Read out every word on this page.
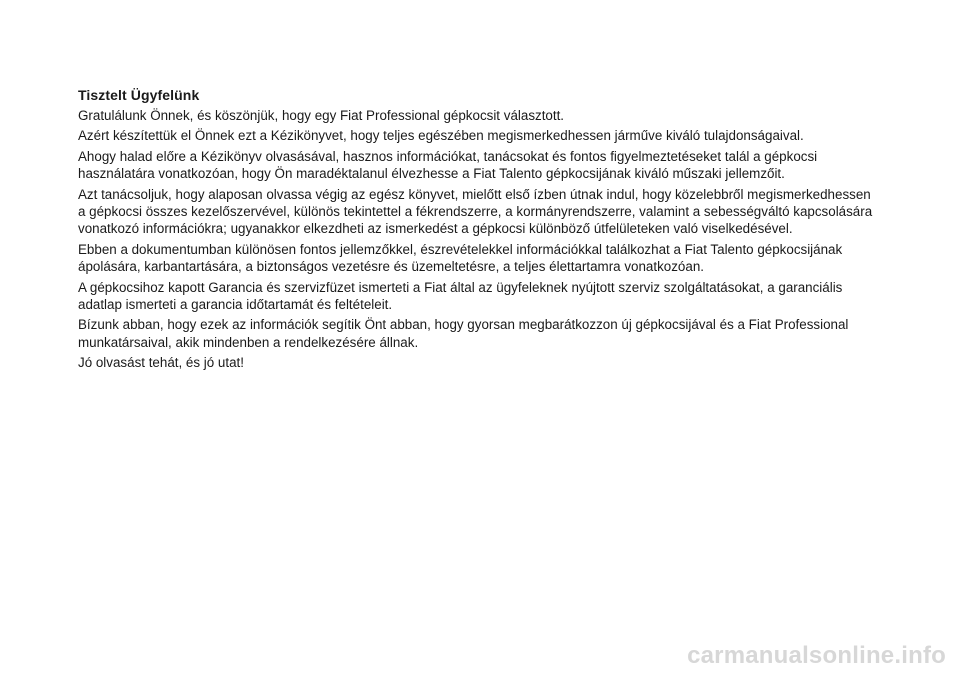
Tisztelt Ügyfelünk

Gratulálunk Önnek, és köszönjük, hogy egy Fiat Professional gépkocsit választott.

Azért készítettük el Önnek ezt a Kézikönyvet, hogy teljes egészében megismerkedhessen járműve kiváló tulajdonságaival.

Ahogy halad előre a Kézikönyv olvasásával, hasznos információkat, tanácsokat és fontos figyelmeztetéseket talál a gépkocsi használatára vonatkozóan, hogy Ön maradéktalanul élvezhesse a Fiat Talento gépkocsijának kiváló műszaki jellemzőit.

Azt tanácsoljuk, hogy alaposan olvassa végig az egész könyvet, mielőtt első ízben útnak indul, hogy közelebbről megismerkedhessen a gépkocsi összes kezelőszervével, különös tekintettel a fékrendszerre, a kormányrendszerre, valamint a sebességváltó kapcsolására vonatkozó információkra; ugyanakkor elkezdheti az ismerkedést a gépkocsi különböző útfelületeken való viselkedésével.

Ebben a dokumentumban különösen fontos jellemzőkkel, észrevételekkel információkkal találkozhat a Fiat Talento gépkocsijának ápolására, karbantartására, a biztonságos vezetésre és üzemeltetésre, a teljes élettartamra vonatkozóan.

A gépkocsihoz kapott Garancia és szervizfüzet ismerteti a Fiat által az ügyfeleknek nyújtott szerviz szolgáltatásokat, a garanciális adatlap ismerteti a garancia időtartamát és feltételeit.

Bízunk abban, hogy ezek az információk segítik Önt abban, hogy gyorsan megbarátkozzon új gépkocsijával és a Fiat Professional munkatársaival, akik mindenben a rendelkezésére állnak.

Jó olvasást tehát, és jó utat!

carmanualsonline.info
